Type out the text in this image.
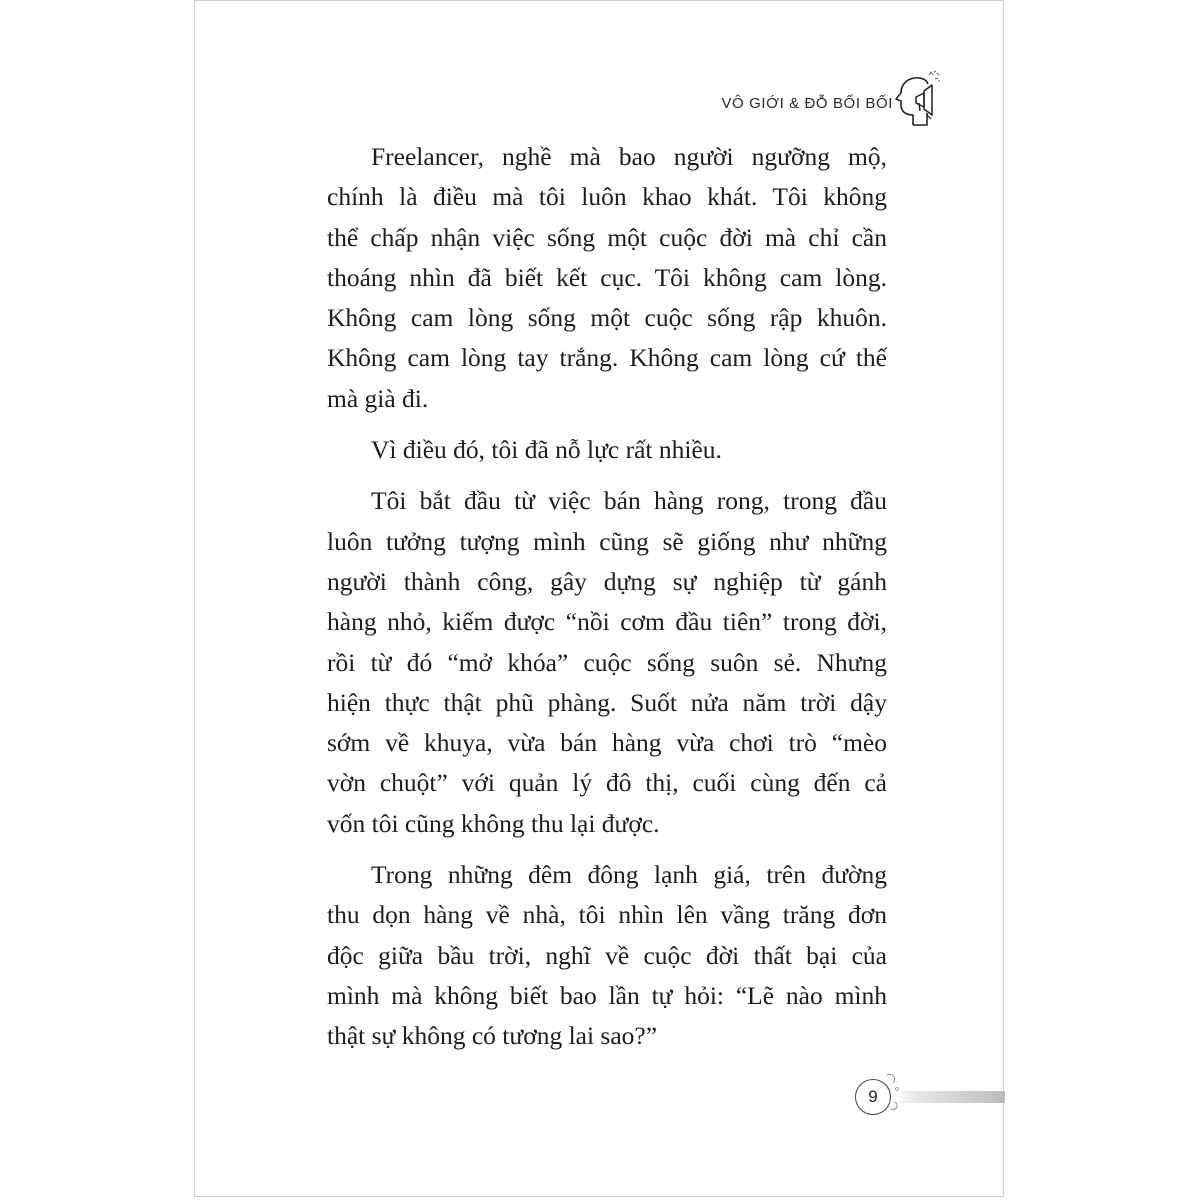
VÔ GIỚI & ĐỖ BỐI BỐI
Freelancer, nghề mà bao người ngưỡng mộ,
chính là điều mà tôi luôn khao khát. Tôi không
thể chấp nhận việc sống một cuộc đời mà chỉ cần
thoáng nhìn đã biết kết cục. Tôi không cam lòng.
Không cam lòng sống một cuộc sống rập khuôn.
Không cam lòng tay trắng. Không cam lòng cứ thế
mà già đi.
Vì điều đó, tôi đã nỗ lực rất nhiều.
Tôi bắt đầu từ việc bán hàng rong, trong đầu
luôn tưởng tượng mình cũng sẽ giống như những
người thành công, gây dựng sự nghiệp từ gánh
hàng nhỏ, kiếm được “nồi cơm đầu tiên” trong đời,
rồi từ đó “mở khóa” cuộc sống suôn sẻ. Nhưng
hiện thực thật phũ phàng. Suốt nửa năm trời dậy
sớm về khuya, vừa bán hàng vừa chơi trò “mèo
vờn chuột” với quản lý đô thị, cuối cùng đến cả
vốn tôi cũng không thu lại được.
Trong những đêm đông lạnh giá, trên đường
thu dọn hàng về nhà, tôi nhìn lên vầng trăng đơn
độc giữa bầu trời, nghĩ về cuộc đời thất bại của
mình mà không biết bao lần tự hỏi: “Lẽ nào mình
thật sự không có tương lai sao?”
9
